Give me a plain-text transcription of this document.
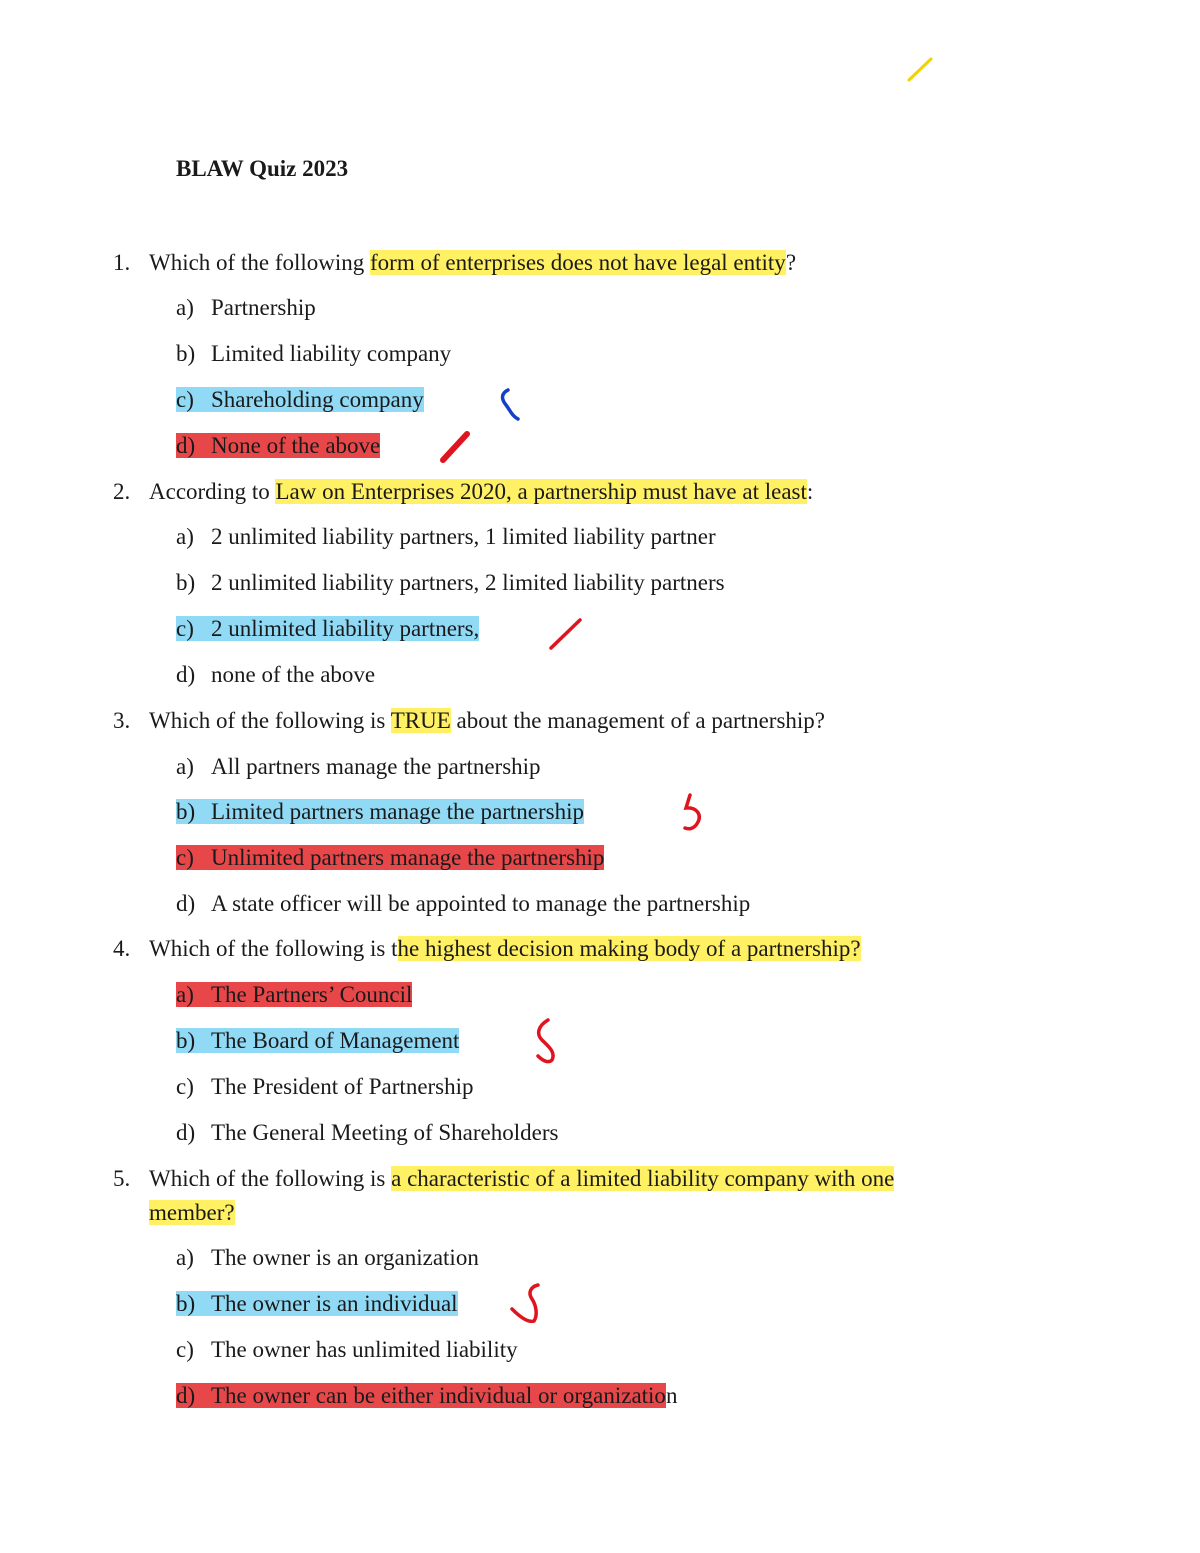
BLAW Quiz 2023
1. Which of the following form of enterprises does not have legal entity?
a) Partnership
b) Limited liability company
c) Shareholding company
d) None of the above
2. According to Law on Enterprises 2020, a partnership must have at least:
a) 2 unlimited liability partners, 1 limited liability partner
b) 2 unlimited liability partners, 2 limited liability partners
c) 2 unlimited liability partners,
d) none of the above
3. Which of the following is TRUE about the management of a partnership?
a) All partners manage the partnership
b) Limited partners manage the partnership
c) Unlimited partners manage the partnership
d) A state officer will be appointed to manage the partnership
4. Which of the following is the highest decision making body of a partnership?
a) The Partners’ Council
b) The Board of Management
c) The President of Partnership
d) The General Meeting of Shareholders
5. Which of the following is a characteristic of a limited liability company with one
member?
a) The owner is an organization
b) The owner is an individual
c) The owner has unlimited liability
d) The owner can be either individual or organization
